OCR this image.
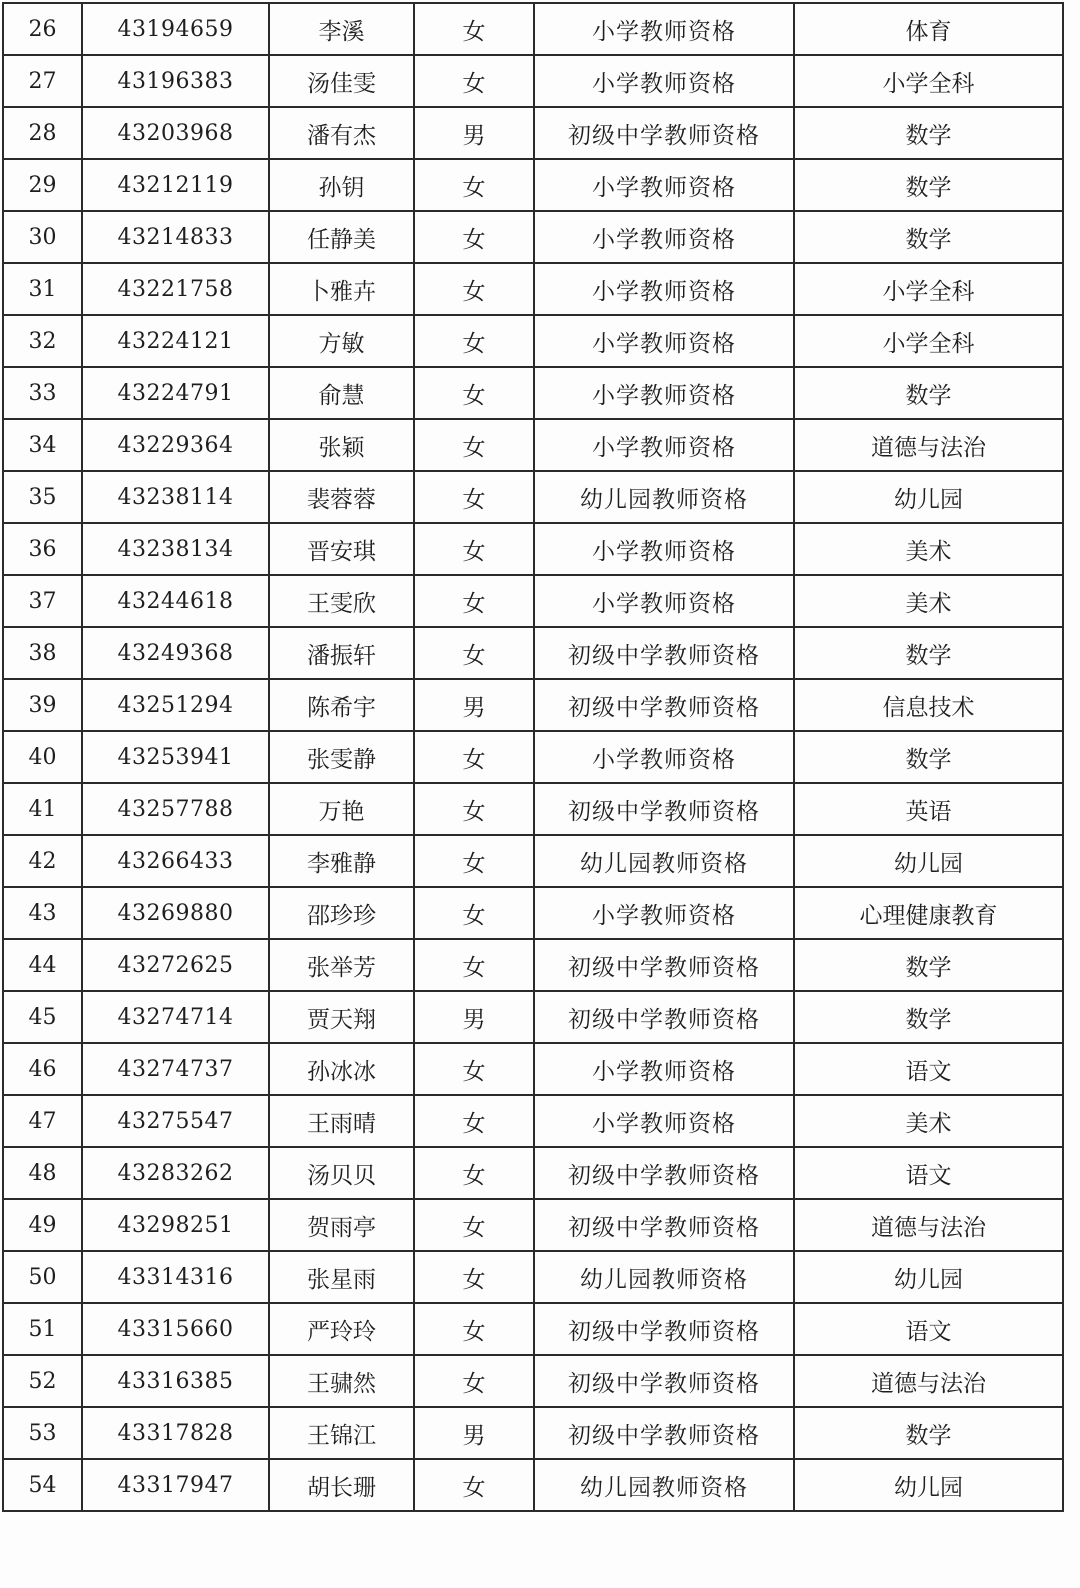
26	43194659	李溪	女	小学教师资格	体育
27	43196383	汤佳雯	女	小学教师资格	小学全科
28	43203968	潘有杰	男	初级中学教师资格	数学
29	43212119	孙钥	女	小学教师资格	数学
30	43214833	任静美	女	小学教师资格	数学
31	43221758	卜雅卉	女	小学教师资格	小学全科
32	43224121	方敏	女	小学教师资格	小学全科
33	43224791	俞慧	女	小学教师资格	数学
34	43229364	张颖	女	小学教师资格	道德与法治
35	43238114	裴蓉蓉	女	幼儿园教师资格	幼儿园
36	43238134	晋安琪	女	小学教师资格	美术
37	43244618	王雯欣	女	小学教师资格	美术
38	43249368	潘振轩	女	初级中学教师资格	数学
39	43251294	陈希宇	男	初级中学教师资格	信息技术
40	43253941	张雯静	女	小学教师资格	数学
41	43257788	万艳	女	初级中学教师资格	英语
42	43266433	李雅静	女	幼儿园教师资格	幼儿园
43	43269880	邵珍珍	女	小学教师资格	心理健康教育
44	43272625	张举芳	女	初级中学教师资格	数学
45	43274714	贾天翔	男	初级中学教师资格	数学
46	43274737	孙冰冰	女	小学教师资格	语文
47	43275547	王雨晴	女	小学教师资格	美术
48	43283262	汤贝贝	女	初级中学教师资格	语文
49	43298251	贺雨亭	女	初级中学教师资格	道德与法治
50	43314316	张星雨	女	幼儿园教师资格	幼儿园
51	43315660	严玲玲	女	初级中学教师资格	语文
52	43316385	王骕然	女	初级中学教师资格	道德与法治
53	43317828	王锦江	男	初级中学教师资格	数学
54	43317947	胡长珊	女	幼儿园教师资格	幼儿园
